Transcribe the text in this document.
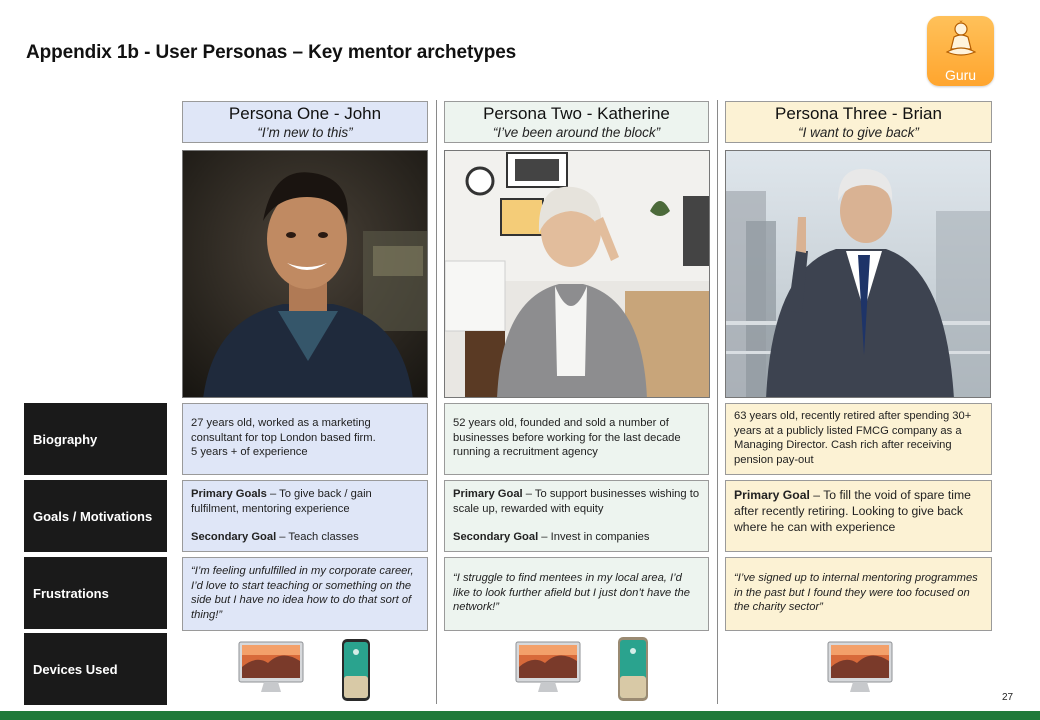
Appendix 1b - User Personas – Key mentor archetypes
Guru
Persona One - John
“I’m new to this”
Persona Two - Katherine
“I’ve been around the block”
Persona Three - Brian
“I want to give back”
Biography
Goals / Motivations
Frustrations
Devices Used

27 years old, worked as a marketing consultant for top London based firm.

5 years + of experience

52 years old, founded and sold a number of businesses before working for the last decade running a recruitment agency

63 years old, recently retired after spending 30+ years at a publicly listed FMCG company as a Managing Director. Cash rich after receiving pension pay-out

Primary Goals – To give back / gain fulfilment, mentoring experience

Secondary Goal – Teach classes

Primary Goal – To support businesses wishing to scale up, rewarded with equity

Secondary Goal – Invest in companies

Primary Goal – To fill the void of spare time after recently retiring. Looking to give back where he can with experience

“I’m feeling unfulfilled in my corporate career, I’d love to start teaching or something on the side but I have no idea how to do that sort of thing!”

“I struggle to find mentees in my local area, I’d like to look further afield but I just don’t have the network!”

“I’ve signed up to internal mentoring programmes in the past but I found they were too focused on the charity sector”

27
